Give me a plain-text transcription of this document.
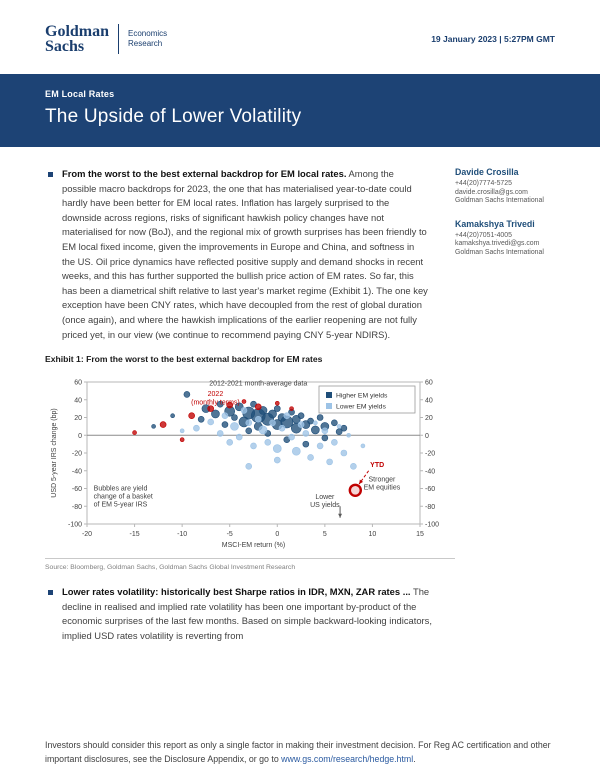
Goldman
Sachs
Economics
Research	19 January 2023 | 5:27PM GMT
EM Local Rates
The Upside of Lower Volatility
From the worst to the best external backdrop for EM local rates. Among the possible macro backdrops for 2023, the one that has materialised year-to-date could hardly have been better for EM local rates. Inflation has largely surprised to the downside across regions, risks of significant hawkish policy changes have not materialised for now (BoJ), and the regional mix of growth surprises has been friendly to EM local fixed income, given the improvements in Europe and China, and softness in the US. Oil price dynamics have reflected positive supply and demand shocks in recent weeks, and this has further supported the bullish price action of EM rates. So far, this has been a diametrical shift relative to last year's market regime (Exhibit 1). The one key exception have been CNY rates, which have decoupled from the rest of global duration (once again), and where the hawkish implications of the earlier reopening are not fully priced yet, in our view (we continue to recommend paying CNY 5-year NDIRS).
Davide Crosilla
+44(20)7774-5725
davide.crosilla@gs.com
Goldman Sachs International
Kamakshya Trivedi
+44(20)7051-4005
kamakshya.trivedi@gs.com
Goldman Sachs International
Exhibit 1: From the worst to the best external backdrop for EM rates
60	60
40	40
20	20
0	0
-20	-20
-40	-40
-60	-60
-80	-80
-100	-100
-20	-15	-10	-5	0	5	10	15
MSCI-EM return (%)
USD 5-year IRS change (bp)
2012-2021 month-average data
2022 (monthly terms)
YTD
Stronger EM equities
Lower US yields
Bubbles are yield change of a basket of EM 5-year IRS
Higher EM yields
Lower EM yields
Source: Bloomberg, Goldman Sachs, Goldman Sachs Global Investment Research
Lower rates volatility: historically best Sharpe ratios in IDR, MXN, ZAR rates ... The decline in realised and implied rate volatility has been one important by-product of the economic surprises of the last few months. Based on simple backward-looking indicators, implied USD rates volatility is reverting from
Investors should consider this report as only a single factor in making their investment decision. For Reg AC certification and other important disclosures, see the Disclosure Appendix, or go to www.gs.com/research/hedge.html.
